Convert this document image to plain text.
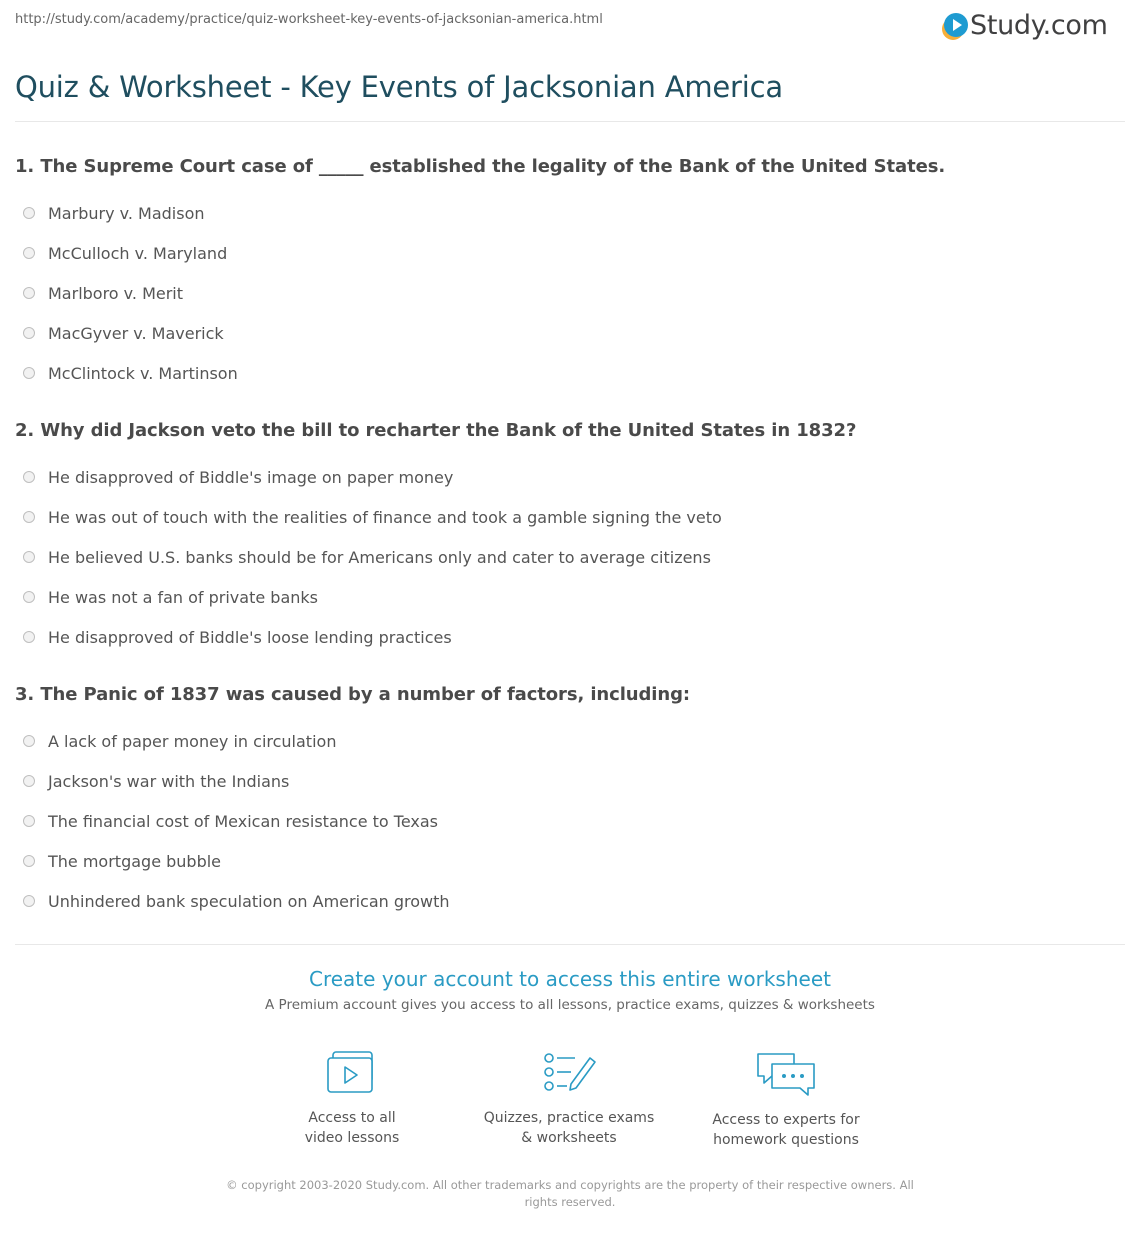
http://study.com/academy/practice/quiz-worksheet-key-events-of-jacksonian-america.html	Study.com
Quiz & Worksheet - Key Events of Jacksonian America
1. The Supreme Court case of _____ established the legality of the Bank of the United States.
Marbury v. Madison
McCulloch v. Maryland
Marlboro v. Merit
MacGyver v. Maverick
McClintock v. Martinson
2. Why did Jackson veto the bill to recharter the Bank of the United States in 1832?
He disapproved of Biddle's image on paper money
He was out of touch with the realities of finance and took a gamble signing the veto
He believed U.S. banks should be for Americans only and cater to average citizens
He was not a fan of private banks
He disapproved of Biddle's loose lending practices
3. The Panic of 1837 was caused by a number of factors, including:
A lack of paper money in circulation
Jackson's war with the Indians
The financial cost of Mexican resistance to Texas
The mortgage bubble
Unhindered bank speculation on American growth
Create your account to access this entire worksheet
A Premium account gives you access to all lessons, practice exams, quizzes & worksheets
Access to all
video lessons
Quizzes, practice exams
& worksheets
Access to experts for
homework questions
© copyright 2003-2020 Study.com. All other trademarks and copyrights are the property of their respective owners. All rights reserved.
